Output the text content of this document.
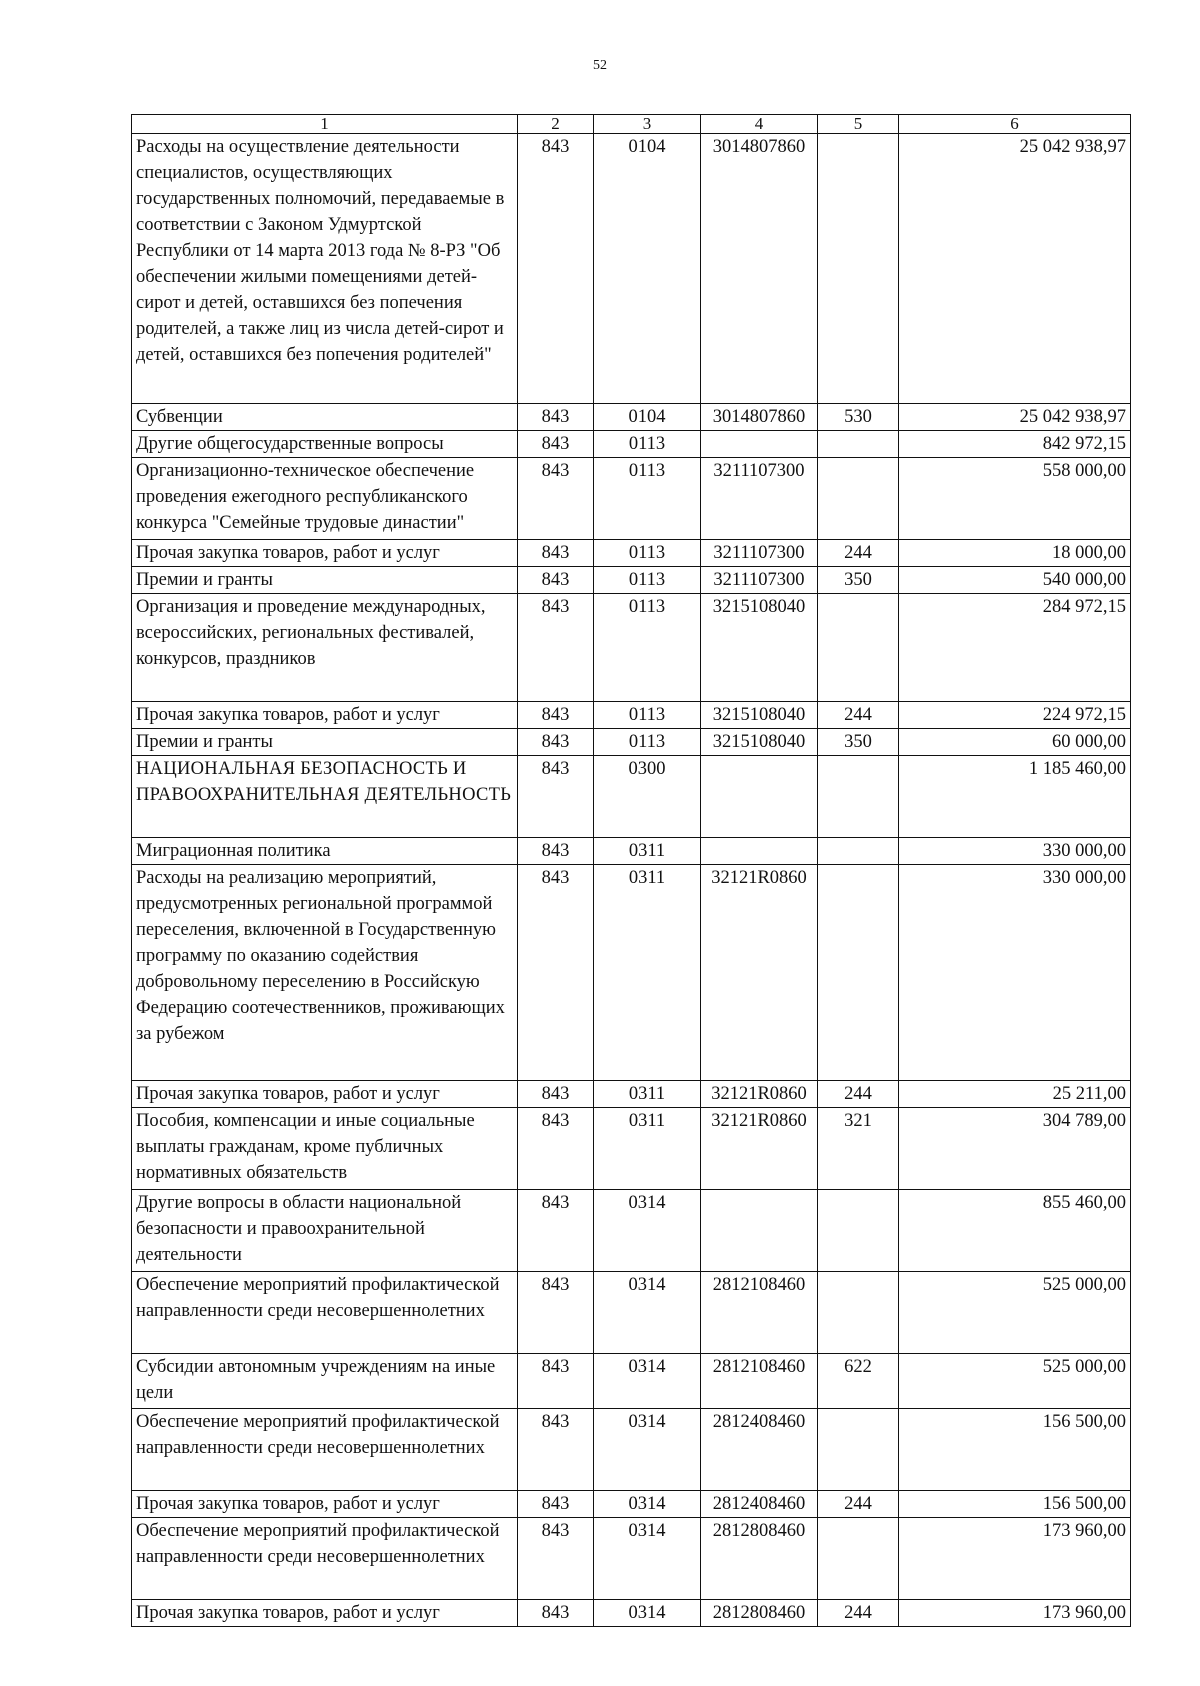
52
1	2	3	4	5	6
Расходы на осуществление деятельности специалистов, осуществляющих государственных полномочий, передаваемые в соответствии с Законом Удмуртской Республики от 14 марта 2013 года № 8-РЗ "Об обеспечении жилыми помещениями детей-сирот и детей, оставшихся без попечения родителей, а также лиц из числа детей-сирот и детей, оставшихся без попечения родителей"	843	0104	3014807860		25 042 938,97
Субвенции	843	0104	3014807860	530	25 042 938,97
Другие общегосударственные вопросы	843	0113			842 972,15
Организационно-техническое обеспечение проведения ежегодного республиканского конкурса "Семейные трудовые династии"	843	0113	3211107300		558 000,00
Прочая закупка товаров, работ и услуг	843	0113	3211107300	244	18 000,00
Премии и гранты	843	0113	3211107300	350	540 000,00
Организация и проведение международных, всероссийских, региональных фестивалей, конкурсов, праздников	843	0113	3215108040		284 972,15
Прочая закупка товаров, работ и услуг	843	0113	3215108040	244	224 972,15
Премии и гранты	843	0113	3215108040	350	60 000,00
НАЦИОНАЛЬНАЯ БЕЗОПАСНОСТЬ И ПРАВООХРАНИТЕЛЬНАЯ ДЕЯТЕЛЬНОСТЬ	843	0300			1 185 460,00
Миграционная политика	843	0311			330 000,00
Расходы на реализацию мероприятий, предусмотренных региональной программой переселения, включенной в Государственную программу по оказанию содействия добровольному переселению в Российскую Федерацию соотечественников, проживающих за рубежом	843	0311	32121R0860		330 000,00
Прочая закупка товаров, работ и услуг	843	0311	32121R0860	244	25 211,00
Пособия, компенсации и иные социальные выплаты гражданам, кроме публичных нормативных обязательств	843	0311	32121R0860	321	304 789,00
Другие вопросы в области национальной безопасности и правоохранительной деятельности	843	0314			855 460,00
Обеспечение мероприятий профилактической направленности среди несовершеннолетних	843	0314	2812108460		525 000,00
Субсидии автономным учреждениям на иные цели	843	0314	2812108460	622	525 000,00
Обеспечение мероприятий профилактической направленности среди несовершеннолетних	843	0314	2812408460		156 500,00
Прочая закупка товаров, работ и услуг	843	0314	2812408460	244	156 500,00
Обеспечение мероприятий профилактической направленности среди несовершеннолетних	843	0314	2812808460		173 960,00
Прочая закупка товаров, работ и услуг	843	0314	2812808460	244	173 960,00
